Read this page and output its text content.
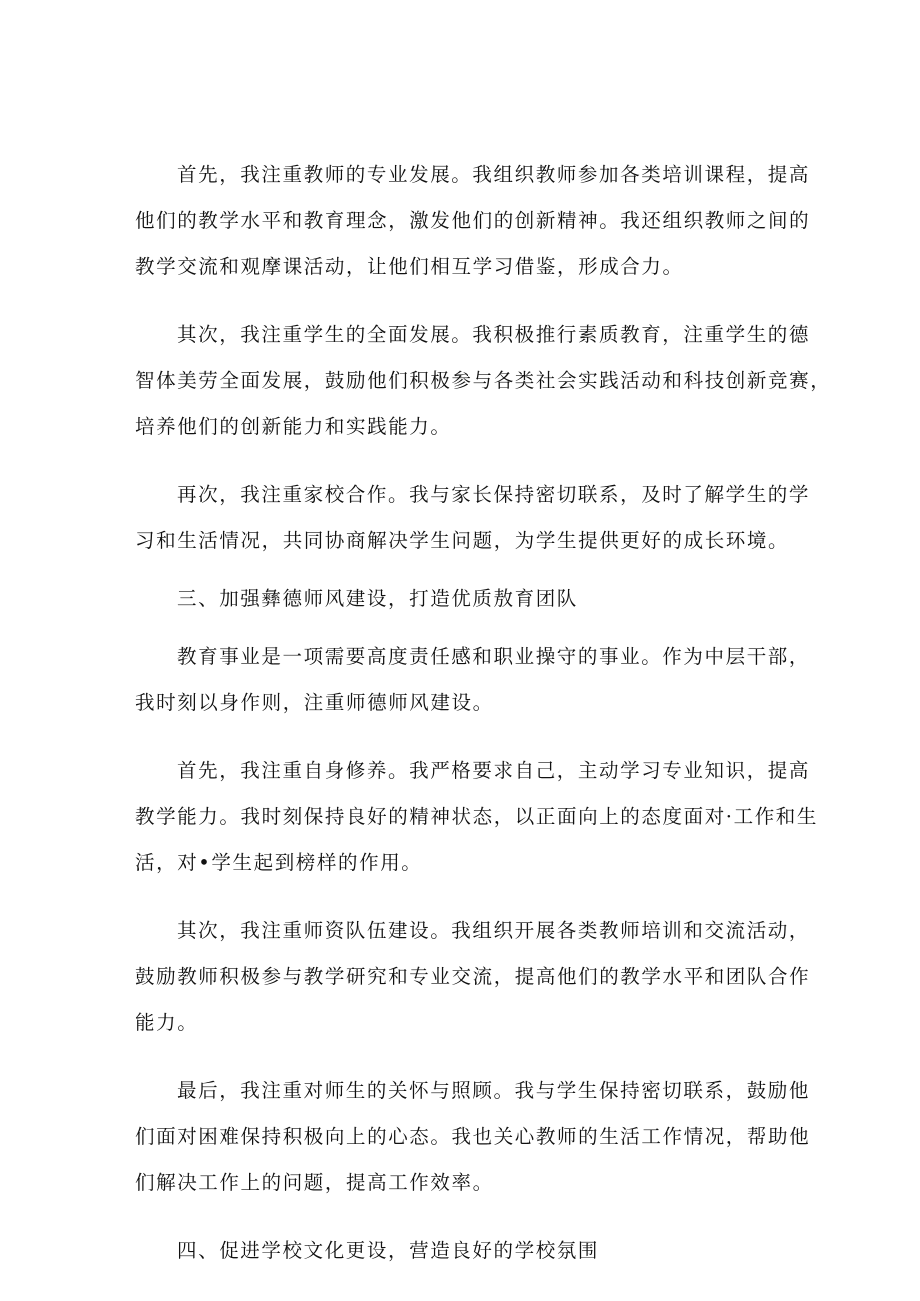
首先，我注重教师的专业发展。我组织教师参加各类培训课程，提高
他们的教学水平和教育理念，激发他们的创新精神。我还组织教师之间的
教学交流和观摩课活动，让他们相互学习借鉴，形成合力。
其次，我注重学生的全面发展。我积极推行素质教育，注重学生的德
智体美劳全面发展，鼓励他们积极参与各类社会实践活动和科技创新竞赛，
培养他们的创新能力和实践能力。
再次，我注重家校合作。我与家长保持密切联系，及时了解学生的学
习和生活情况，共同协商解决学生问题，为学生提供更好的成长环境。
三、加强彝德师风建设，打造优质敖育团队
教育事业是一项需要高度责任感和职业操守的事业。作为中层干部，
我时刻以身作则，注重师德师风建设。
首先，我注重自身修养。我严格要求自己，主动学习专业知识，提高
教学能力。我时刻保持良好的精神状态，以正面向上的态度面对·工作和生
活，对•学生起到榜样的作用。
其次，我注重师资队伍建设。我组织开展各类教师培训和交流活动，
鼓励教师积极参与教学研究和专业交流，提高他们的教学水平和团队合作
能力。
最后，我注重对师生的关怀与照顾。我与学生保持密切联系，鼓励他
们面对困难保持积极向上的心态。我也关心教师的生活工作情况，帮助他
们解决工作上的问题，提高工作效率。
四、促进学校文化更设，营造良好的学校氛围
